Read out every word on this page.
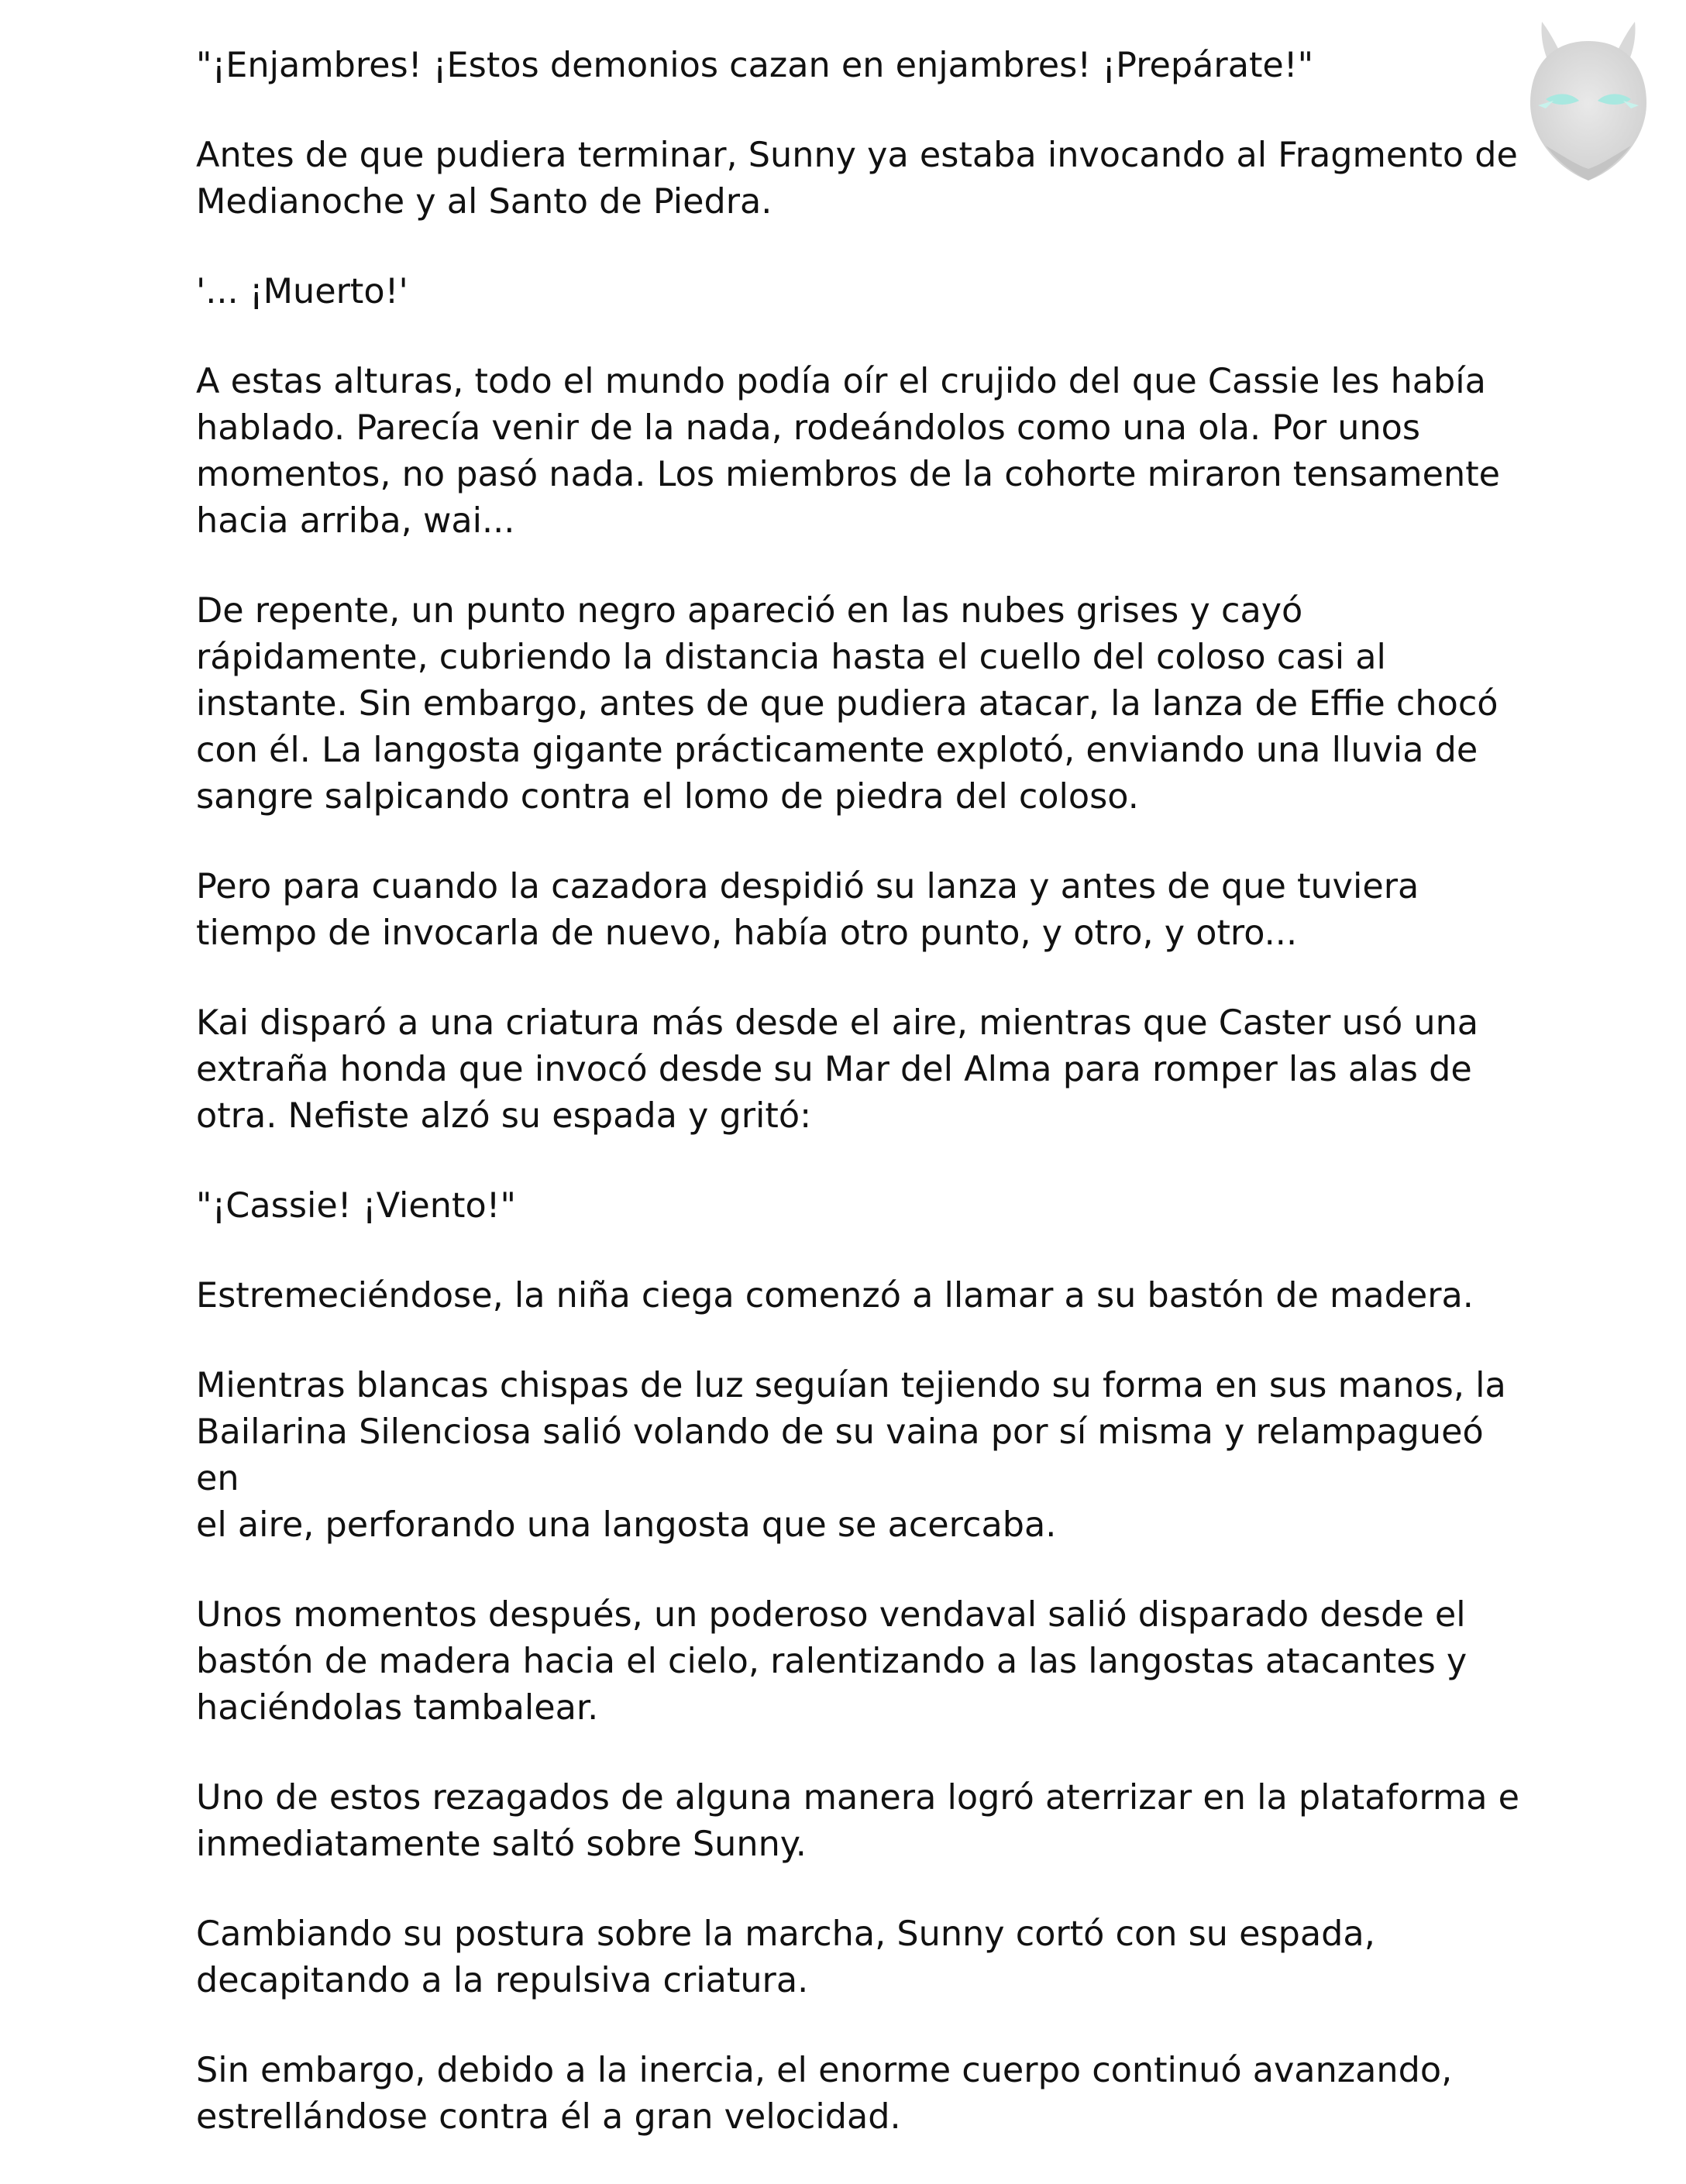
"¡Enjambres! ¡Estos demonios cazan en enjambres! ¡Prepárate!"

Antes de que pudiera terminar, Sunny ya estaba invocando al Fragmento de
Medianoche y al Santo de Piedra.

'... ¡Muerto!'

A estas alturas, todo el mundo podía oír el crujido del que Cassie les había
hablado. Parecía venir de la nada, rodeándolos como una ola. Por unos
momentos, no pasó nada. Los miembros de la cohorte miraron tensamente
hacia arriba, wai...

De repente, un punto negro apareció en las nubes grises y cayó
rápidamente, cubriendo la distancia hasta el cuello del coloso casi al
instante. Sin embargo, antes de que pudiera atacar, la lanza de Effie chocó
con él. La langosta gigante prácticamente explotó, enviando una lluvia de
sangre salpicando contra el lomo de piedra del coloso.

Pero para cuando la cazadora despidió su lanza y antes de que tuviera
tiempo de invocarla de nuevo, había otro punto, y otro, y otro...

Kai disparó a una criatura más desde el aire, mientras que Caster usó una
extraña honda que invocó desde su Mar del Alma para romper las alas de
otra. Nefiste alzó su espada y gritó:

"¡Cassie! ¡Viento!"

Estremeciéndose, la niña ciega comenzó a llamar a su bastón de madera.

Mientras blancas chispas de luz seguían tejiendo su forma en sus manos, la
Bailarina Silenciosa salió volando de su vaina por sí misma y relampagueó en
el aire, perforando una langosta que se acercaba.

Unos momentos después, un poderoso vendaval salió disparado desde el
bastón de madera hacia el cielo, ralentizando a las langostas atacantes y
haciéndolas tambalear.

Uno de estos rezagados de alguna manera logró aterrizar en la plataforma e
inmediatamente saltó sobre Sunny.

Cambiando su postura sobre la marcha, Sunny cortó con su espada,
decapitando a la repulsiva criatura.

Sin embargo, debido a la inercia, el enorme cuerpo continuó avanzando,
estrellándose contra él a gran velocidad.
